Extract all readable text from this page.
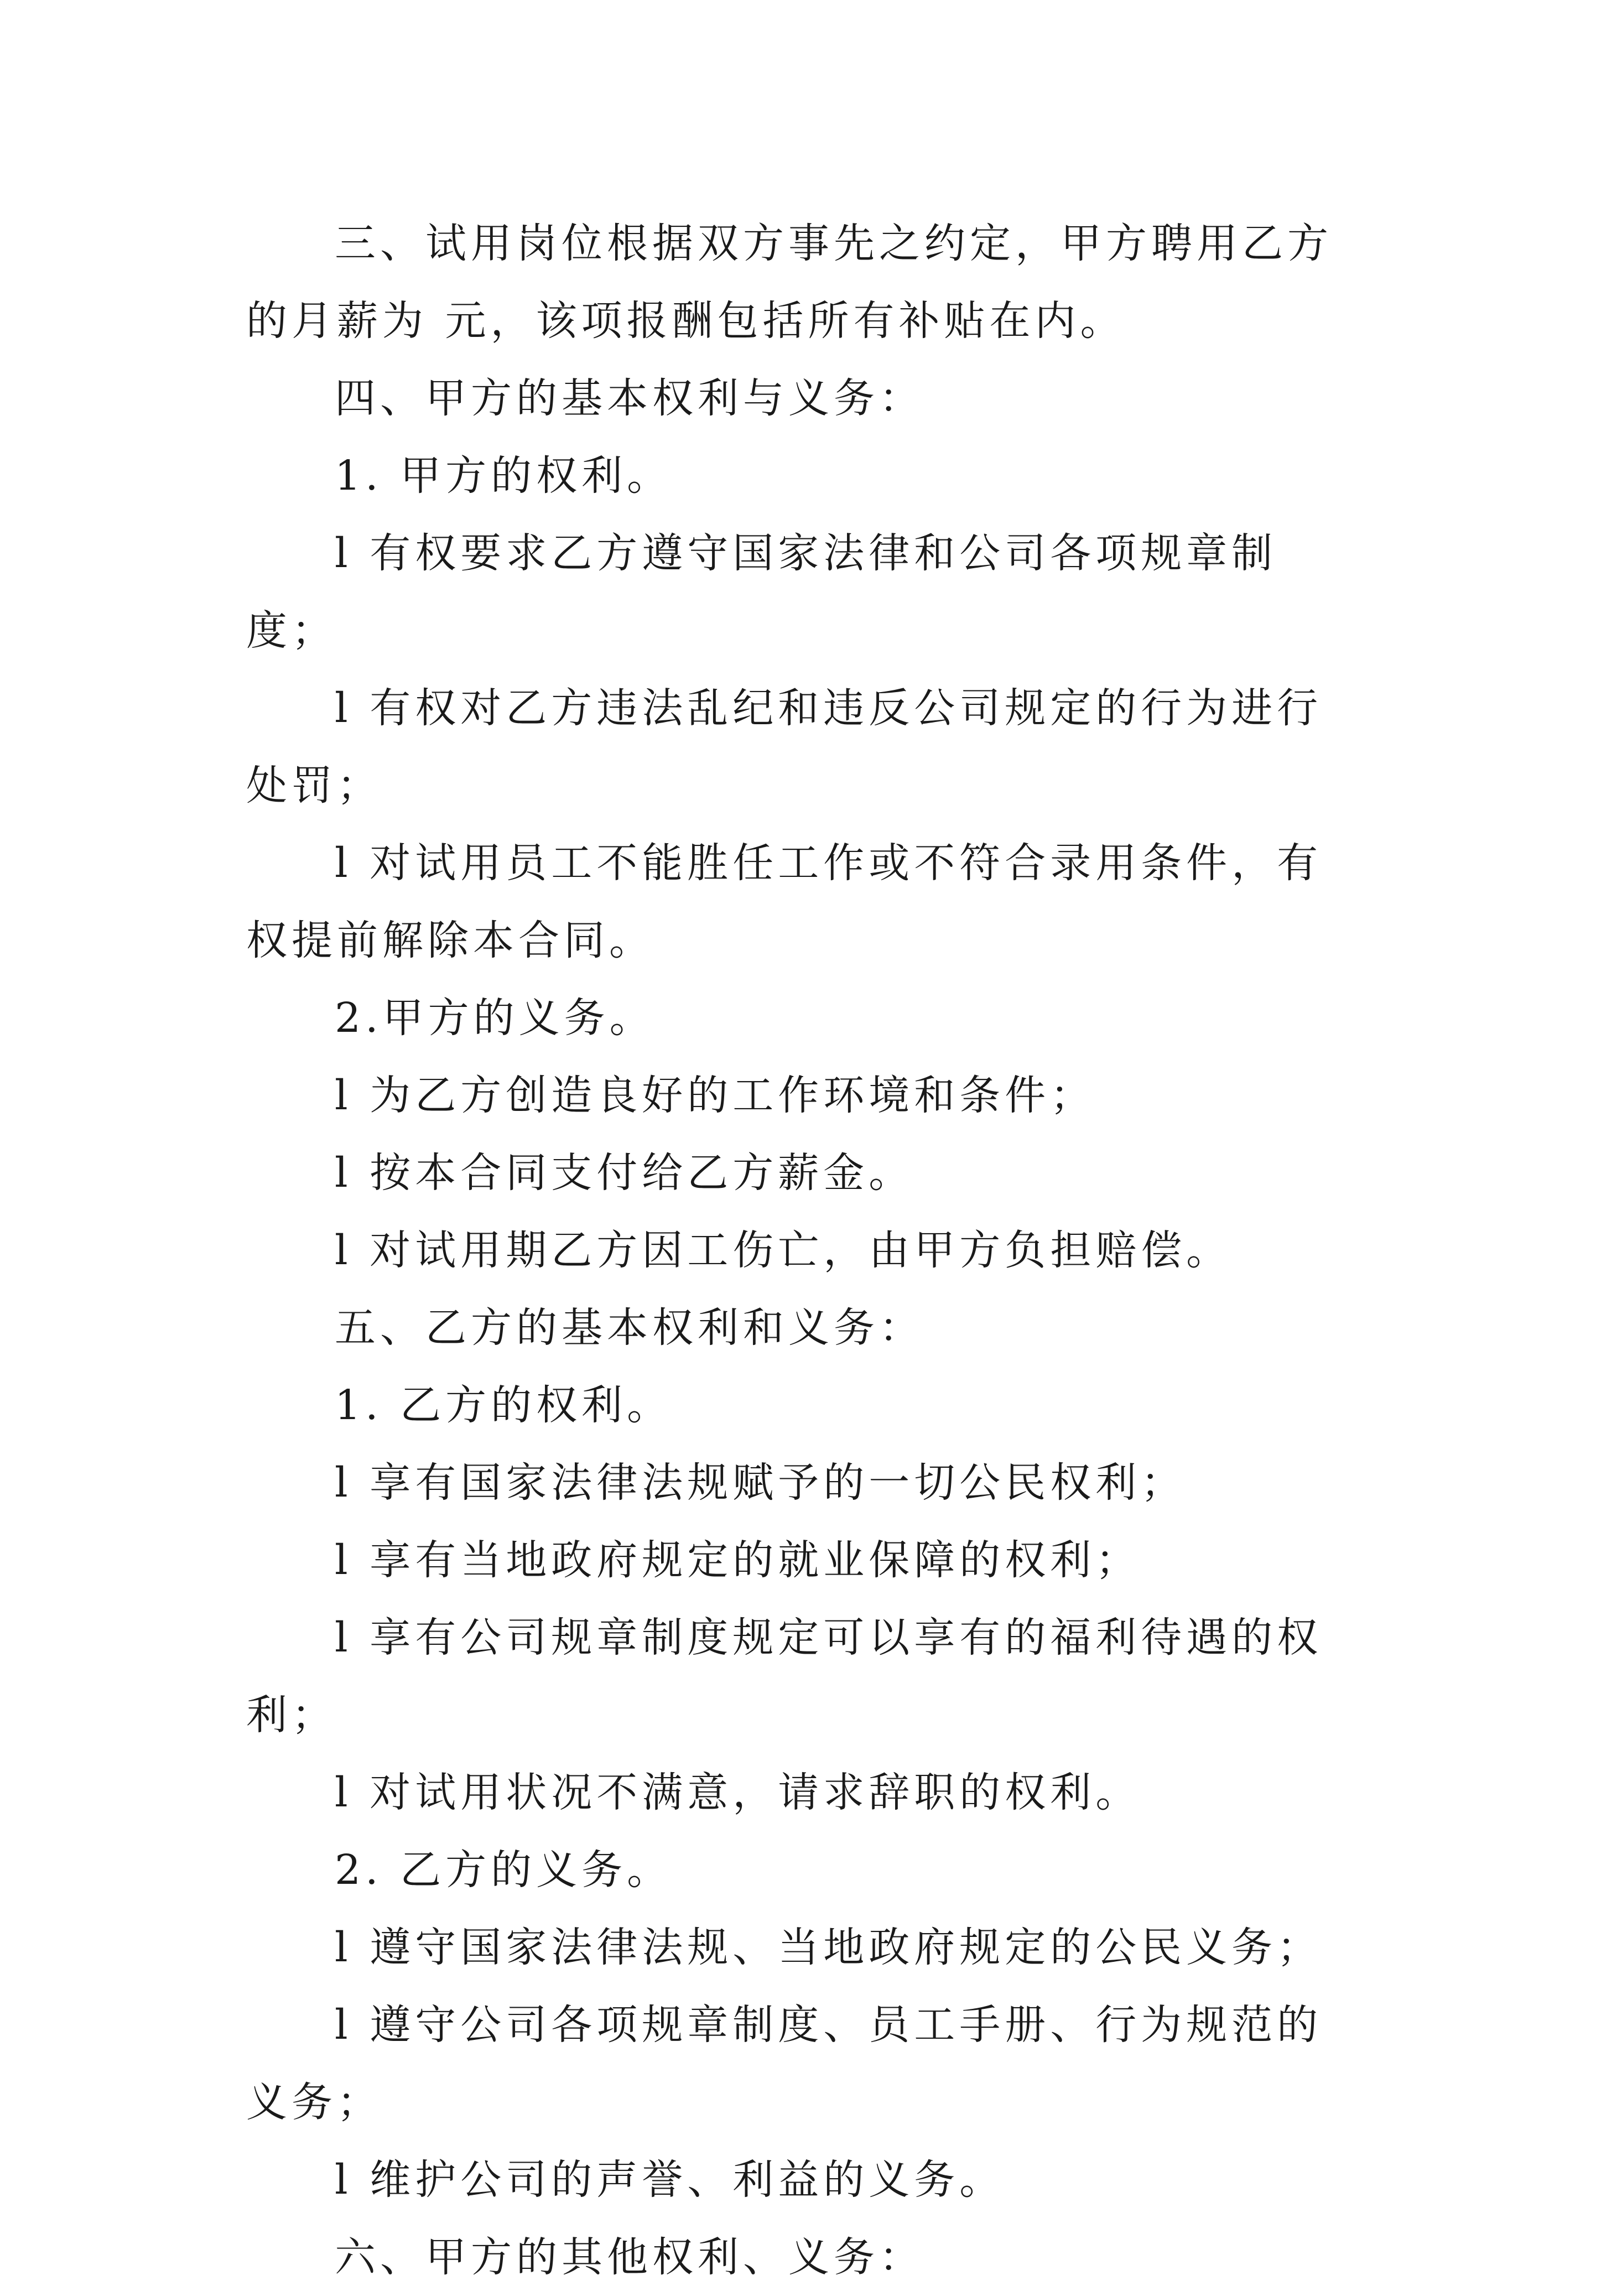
三、试用岗位根据双方事先之约定，甲方聘用乙方的月薪为 元，该项报酬包括所有补贴在内。

四、甲方的基本权利与义务：

1. 甲方的权利。

l 有权要求乙方遵守国家法律和公司各项规章制度；

l 有权对乙方违法乱纪和违反公司规定的行为进行处罚；

l 对试用员工不能胜任工作或不符合录用条件，有权提前解除本合同。

2.甲方的义务。

l 为乙方创造良好的工作环境和条件；

l 按本合同支付给乙方薪金。

l 对试用期乙方因工伤亡，由甲方负担赔偿。

五、乙方的基本权利和义务：

1. 乙方的权利。

l 享有国家法律法规赋予的一切公民权利；

l 享有当地政府规定的就业保障的权利；

l 享有公司规章制度规定可以享有的福利待遇的权利；

l 对试用状况不满意，请求辞职的权利。

2. 乙方的义务。

l 遵守国家法律法规、当地政府规定的公民义务；

l 遵守公司各项规章制度、员工手册、行为规范的义务；

l 维护公司的声誉、利益的义务。

六、甲方的其他权利、义务：
